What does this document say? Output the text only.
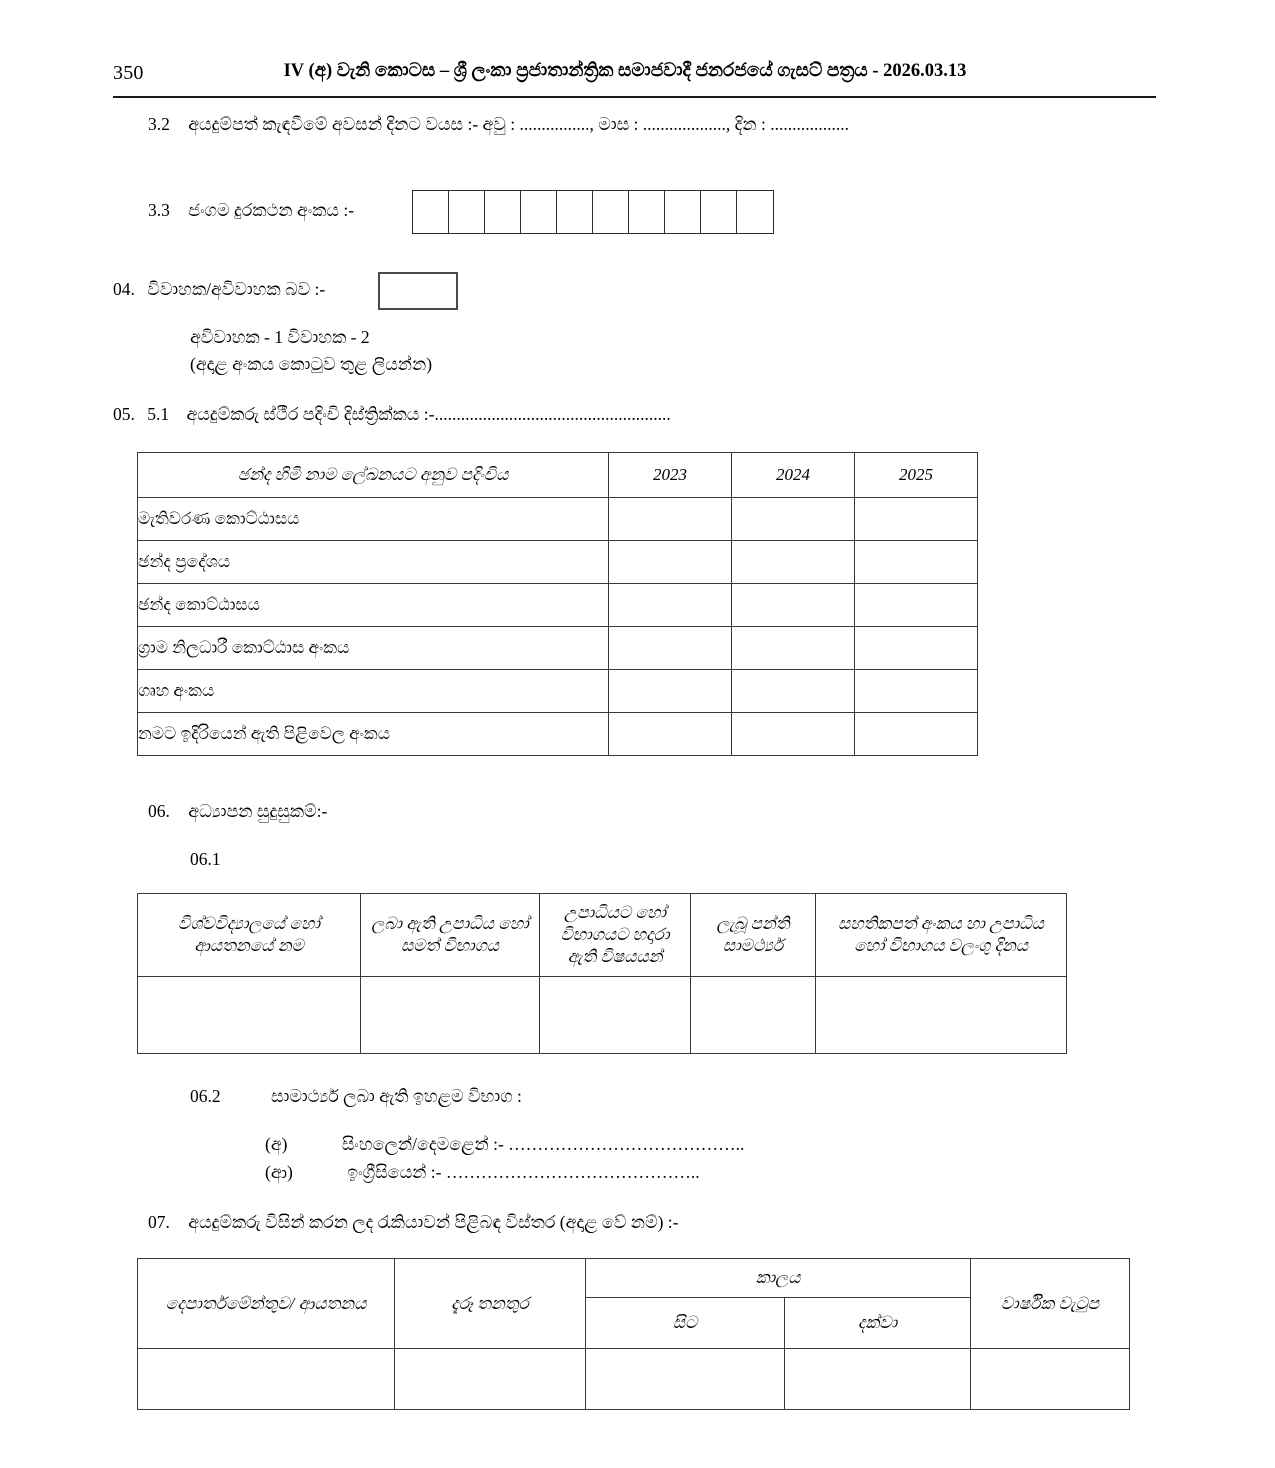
350	IV (අ) වැනි කොටස – ශ්‍රී ලංකා ප්‍රජාතාන්ත්‍රික සමාජවාදී ජනරජයේ ගැසට් පත්‍රය - 2026.03.13
3.2 අයදුම්පත් කැඳවීමේ අවසන් දිනට වයස :- අවු : ................, මාස : ..................., දින : ..................
3.3 ජංගම දුරකථන අංකය :-
04. විවාහක/අවිවාහක බව :-
අවිවාහක - 1 විවාහක - 2
(අදාළ අංකය කොටුව තුළ ලියන්න)
05. 5.1 අයදුම්කරු ස්ථීර පදිංචි දිස්ත්‍රික්කය :-......................................................
ඡන්ද හිමි නාම ලේඛනයට අනුව පදිංචිය	2023	2024	2025
මැතිවරණ කොට්ඨාසය			
ඡන්ද ප්‍රදේශය			
ඡන්ද කොට්ඨාසය			
ග්‍රාම නිලධාරී කොට්ඨාස අංකය			
ගෘහ අංකය			
නමට ඉදිරියෙන් ඇති පිළිවෙල අංකය			
06. අධ්‍යාපන සුදුසුකම්:-
06.1
විශ්වවිද්‍යාලයේ හෝ ආයතනයේ නම	ලබා ඇති උපාධිය හෝ සමත් විභාගය	උපාධියට හෝ විභාගයට හදාරා ඇති විෂයයන්	ලැබූ පන්ති සාමර්ථ්‍ය	සහතිකපත් අංකය හා උපාධිය හෝ විභාගය වලංගු දිනය

06.2	සාමාර්ථ්‍ය ලබා ඇති ඉහළම විභාග :
(අ)	සිංහලෙන්/දෙමළෙන් :- …………………………………..
(ආ)	ඉංග්‍රීසියෙන් :- ……………………………………..
07. අයදුම්කරු විසින් කරන ලද රැකියාවන් පිළිබඳ විස්තර (අදාළ වේ නම්) :-
දෙපාර්තමේන්තුව/ ආයතනය	දැරූ තනතුර	කාලය		වාර්ෂික වැටුප
		සිට	දක්වා	
